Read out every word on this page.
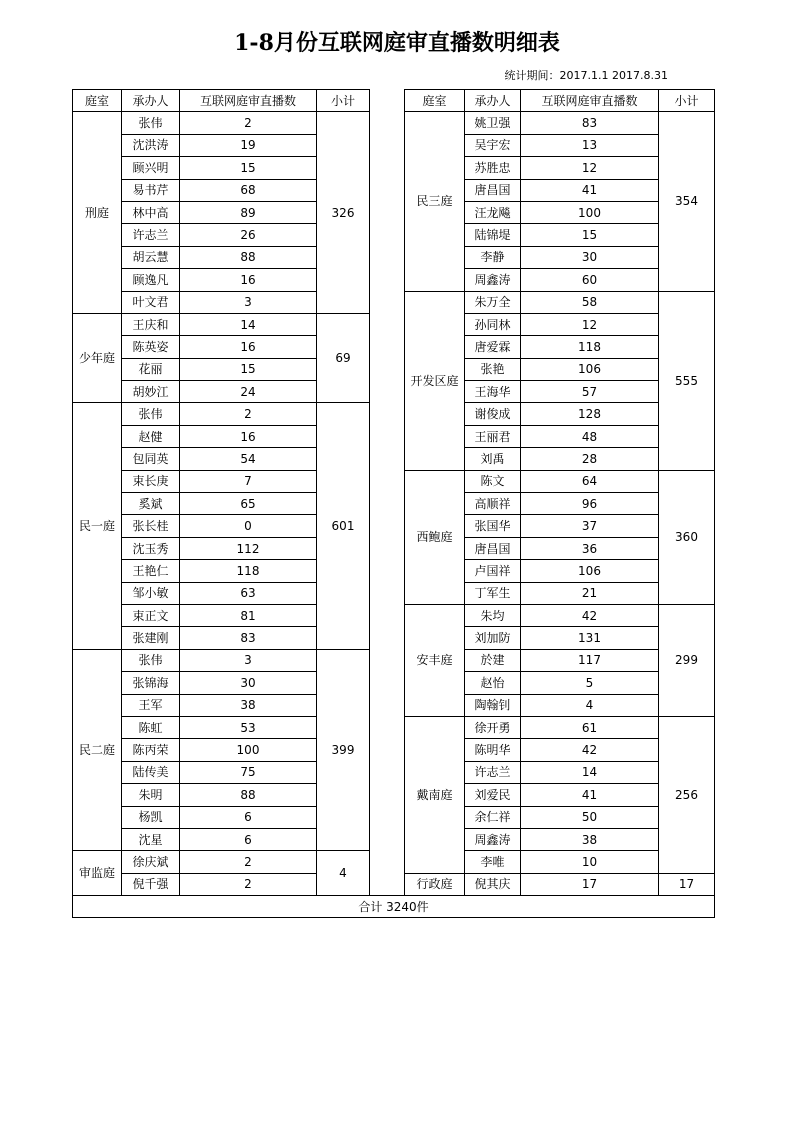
1-8月份互联网庭审直播数明细表
统计期间：2017.1.1 2017.8.31
庭室	承办人	互联网庭审直播数	小计		庭室	承办人	互联网庭审直播数	小计
刑庭	张伟	2	326		民三庭	姚卫强	83	354
	沈洪涛	19				吴宇宏	13	
	顾兴明	15				苏胜忠	12	
	易书芹	68				唐昌国	41	
	林中高	89				汪龙飚	100	
	许志兰	26				陆锦堤	15	
	胡云慧	88				李静	30	
	顾逸凡	16				周鑫涛	60	
	叶文君	3			开发区庭	朱万全	58	555
少年庭	王庆和	14	69			孙同林	12	
	陈英姿	16				唐爱霖	118	
	花丽	15				张艳	106	
	胡妙江	24				王海华	57	
民一庭	张伟	2	601			谢俊成	128	
	赵健	16				王丽君	48	
	包同英	54				刘禹	28	
	束长庚	7			西鲍庭	陈文	64	360
	奚斌	65				高顺祥	96	
	张长桂	0				张国华	37	
	沈玉秀	112				唐昌国	36	
	王艳仁	118				卢国祥	106	
	邹小敏	63				丁军生	21	
	束正文	81			安丰庭	朱均	42	299
	张建刚	83				刘加防	131	
民二庭	张伟	3	399			於建	117	
	张锦海	30				赵怡	5	
	王军	38				陶翰钊	4	
	陈虹	53			戴南庭	徐开勇	61	256
	陈丙荣	100				陈明华	42	
	陆传美	75				许志兰	14	
	朱明	88				刘爱民	41	
	杨凯	6				余仁祥	50	
	沈星	6				周鑫涛	38	
审监庭	徐庆斌	2	4			李唯	10	
	倪千强	2			行政庭	倪其庆	17	17
合计 3240件								
